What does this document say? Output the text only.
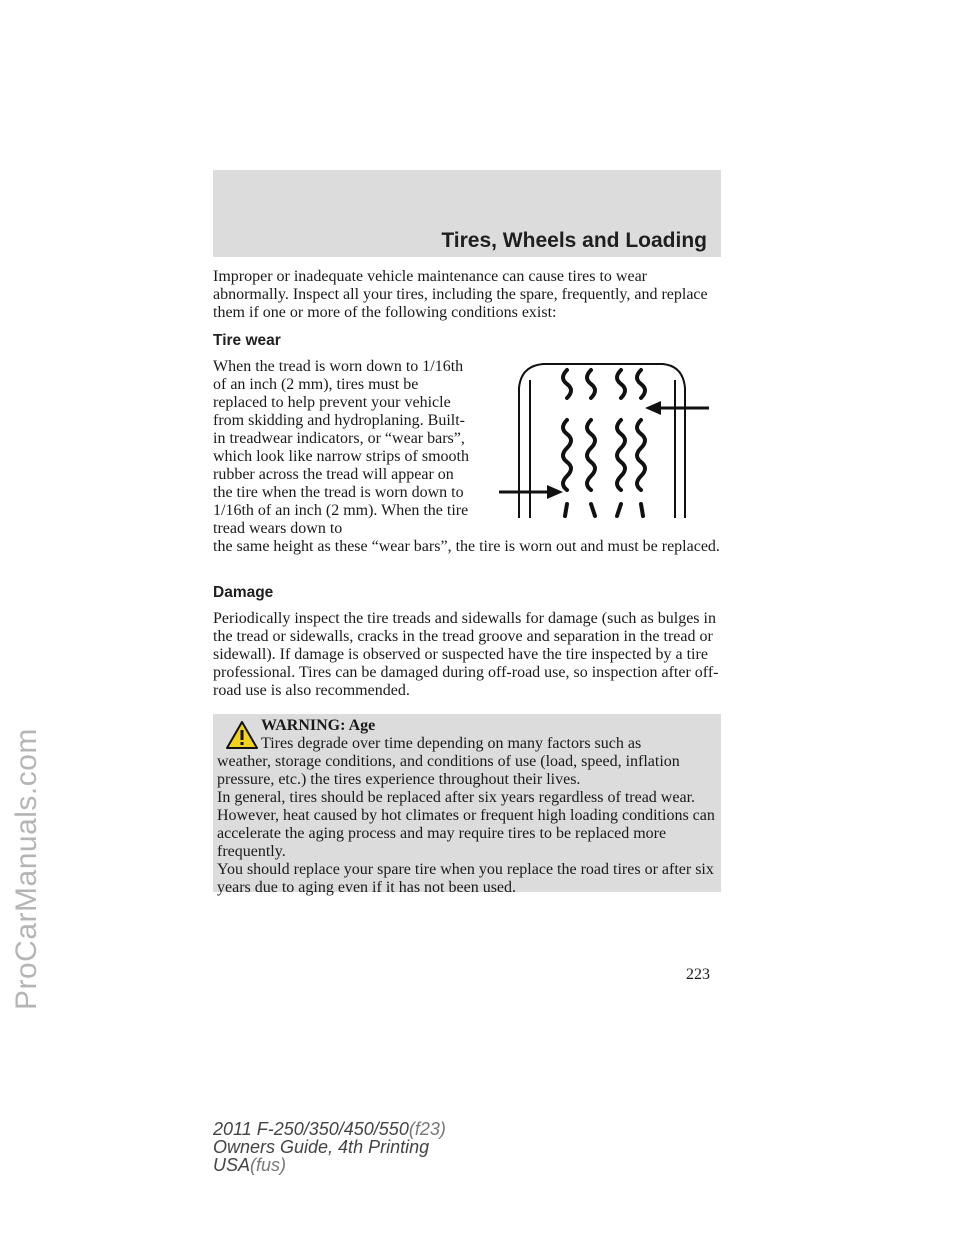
ProCarManuals.com
Tires, Wheels and Loading
Improper or inadequate vehicle maintenance can cause tires to wear abnormally. Inspect all your tires, including the spare, frequently, and replace them if one or more of the following conditions exist:
Tire wear
When the tread is worn down to 1/16th of an inch (2 mm), tires must be replaced to help prevent your vehicle from skidding and hydroplaning. Built-in treadwear indicators, or “wear bars”, which look like narrow strips of smooth rubber across the tread will appear on the tire when the tread is worn down to 1/16th of an inch (2 mm). When the tire tread wears down to
the same height as these “wear bars”, the tire is worn out and must be replaced.
Damage
Periodically inspect the tire treads and sidewalls for damage (such as bulges in the tread or sidewalls, cracks in the tread groove and separation in the tread or sidewall). If damage is observed or suspected have the tire inspected by a tire professional. Tires can be damaged during off-road use, so inspection after off-road use is also recommended.
WARNING: Age

Tires degrade over time depending on many factors such as

weather, storage conditions, and conditions of use (load, speed, inflation pressure, etc.) the tires experience throughout their lives.

In general, tires should be replaced after six years regardless of tread wear. However, heat caused by hot climates or frequent high loading conditions can accelerate the aging process and may require tires to be replaced more frequently.

You should replace your spare tire when you replace the road tires or after six years due to aging even if it has not been used.

223
2011 F-250/350/450/550(f23)
Owners Guide, 4th Printing
USA(fus)
